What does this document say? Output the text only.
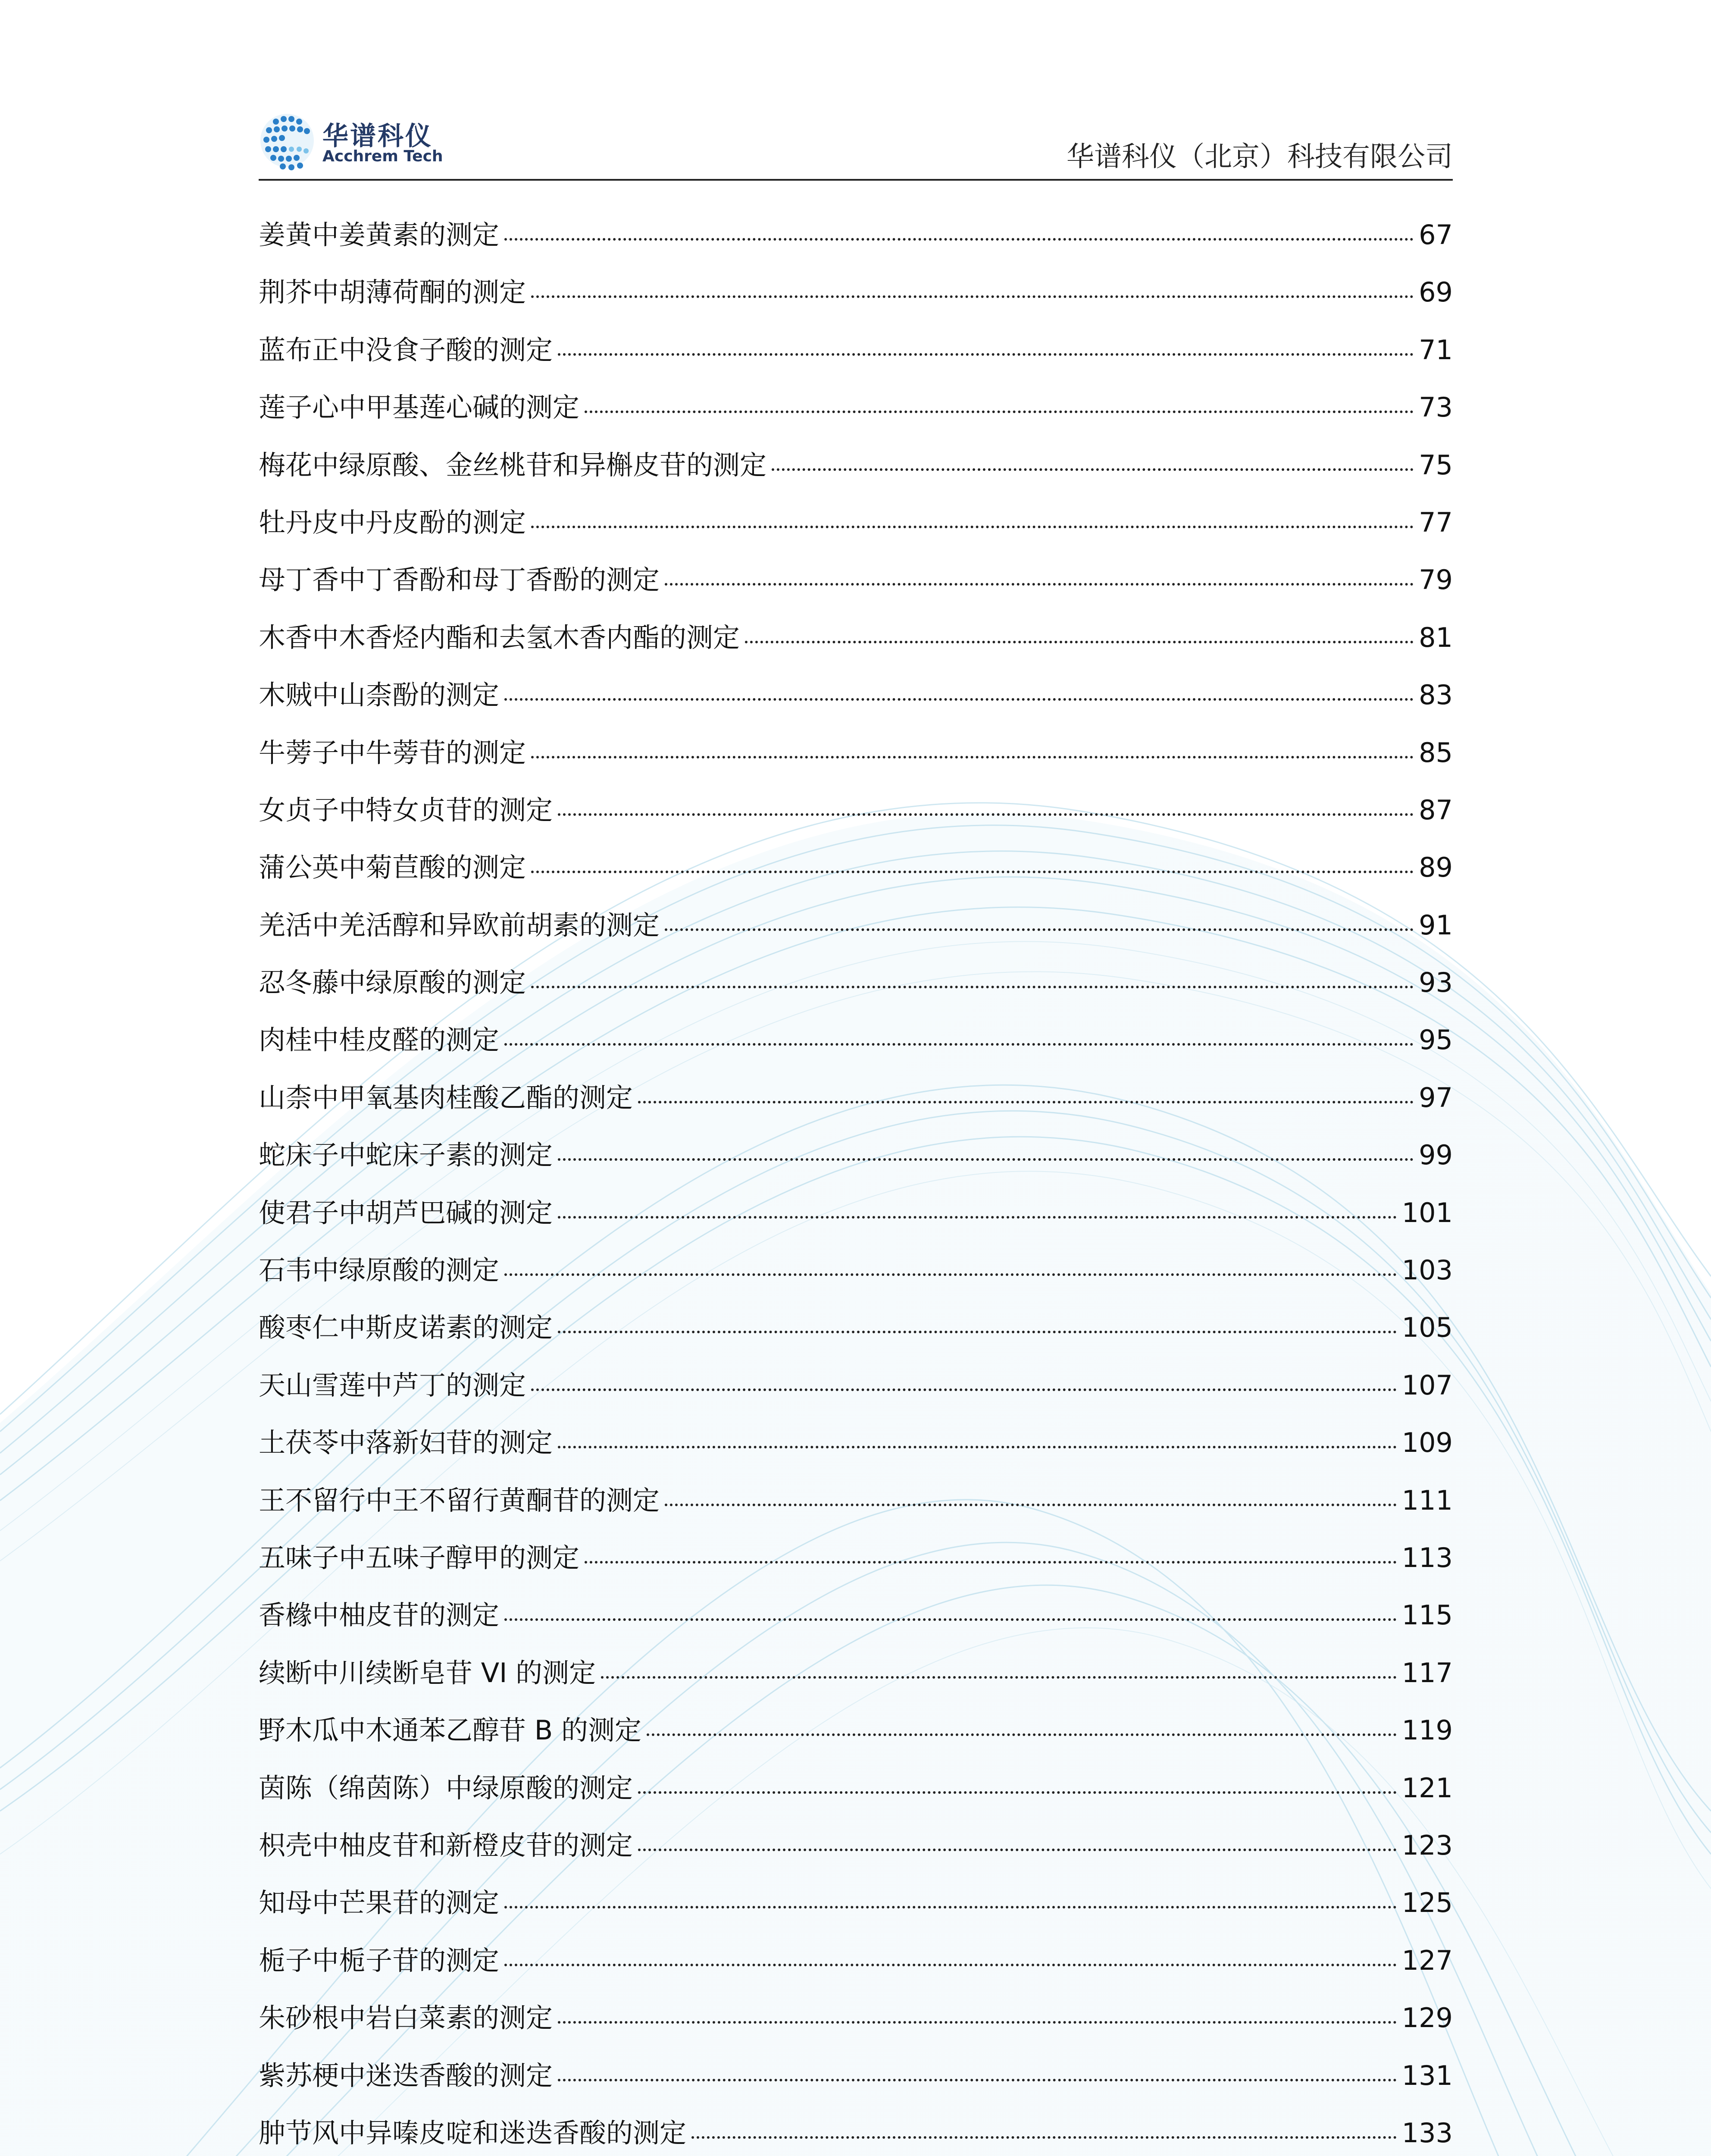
华谱科仪
Acchrem Tech	华谱科仪（北京）科技有限公司
姜黄中姜黄素的测定	67
荆芥中胡薄荷酮的测定	69
蓝布正中没食子酸的测定	71
莲子心中甲基莲心碱的测定	73
梅花中绿原酸、金丝桃苷和异槲皮苷的测定	75
牡丹皮中丹皮酚的测定	77
母丁香中丁香酚和母丁香酚的测定	79
木香中木香烃内酯和去氢木香内酯的测定	81
木贼中山柰酚的测定	83
牛蒡子中牛蒡苷的测定	85
女贞子中特女贞苷的测定	87
蒲公英中菊苣酸的测定	89
羌活中羌活醇和异欧前胡素的测定	91
忍冬藤中绿原酸的测定	93
肉桂中桂皮醛的测定	95
山柰中甲氧基肉桂酸乙酯的测定	97
蛇床子中蛇床子素的测定	99
使君子中胡芦巴碱的测定	101
石韦中绿原酸的测定	103
酸枣仁中斯皮诺素的测定	105
天山雪莲中芦丁的测定	107
土茯苓中落新妇苷的测定	109
王不留行中王不留行黄酮苷的测定	111
五味子中五味子醇甲的测定	113
香橼中柚皮苷的测定	115
续断中川续断皂苷 VI 的测定	117
野木瓜中木通苯乙醇苷 B 的测定	119
茵陈（绵茵陈）中绿原酸的测定	121
枳壳中柚皮苷和新橙皮苷的测定	123
知母中芒果苷的测定	125
栀子中栀子苷的测定	127
朱砂根中岩白菜素的测定	129
紫苏梗中迷迭香酸的测定	131
肿节风中异嗪皮啶和迷迭香酸的测定	133
